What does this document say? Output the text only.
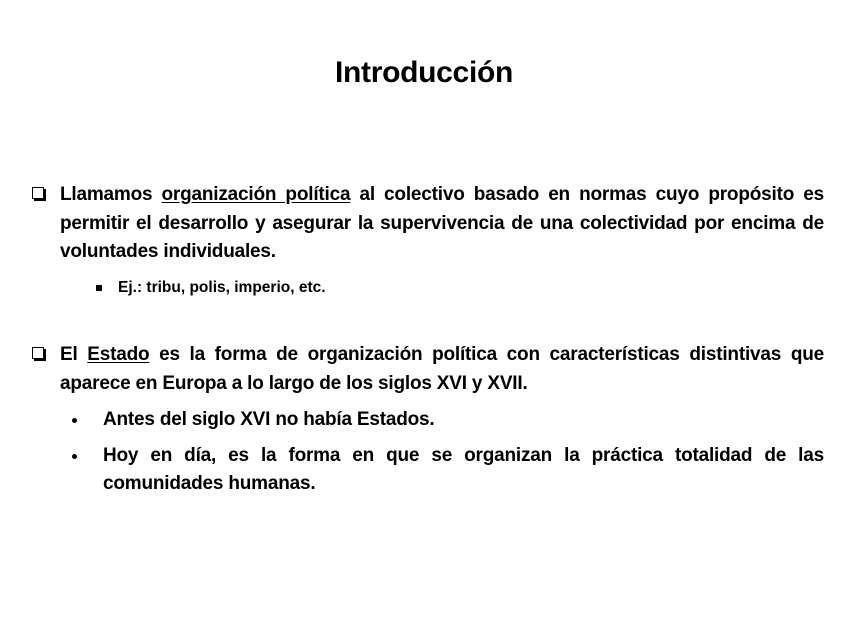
Introducción
Llamamos organización política al colectivo basado en normas cuyo propósito es permitir el desarrollo y asegurar la supervivencia de una colectividad por encima de voluntades individuales.
Ej.: tribu, polis, imperio, etc.
El Estado es la forma de organización política con características distintivas que aparece en Europa a lo largo de los siglos XVI y XVII.
Antes del siglo XVI no había Estados.
Hoy en día, es la forma en que se organizan la práctica totalidad de las comunidades humanas.
